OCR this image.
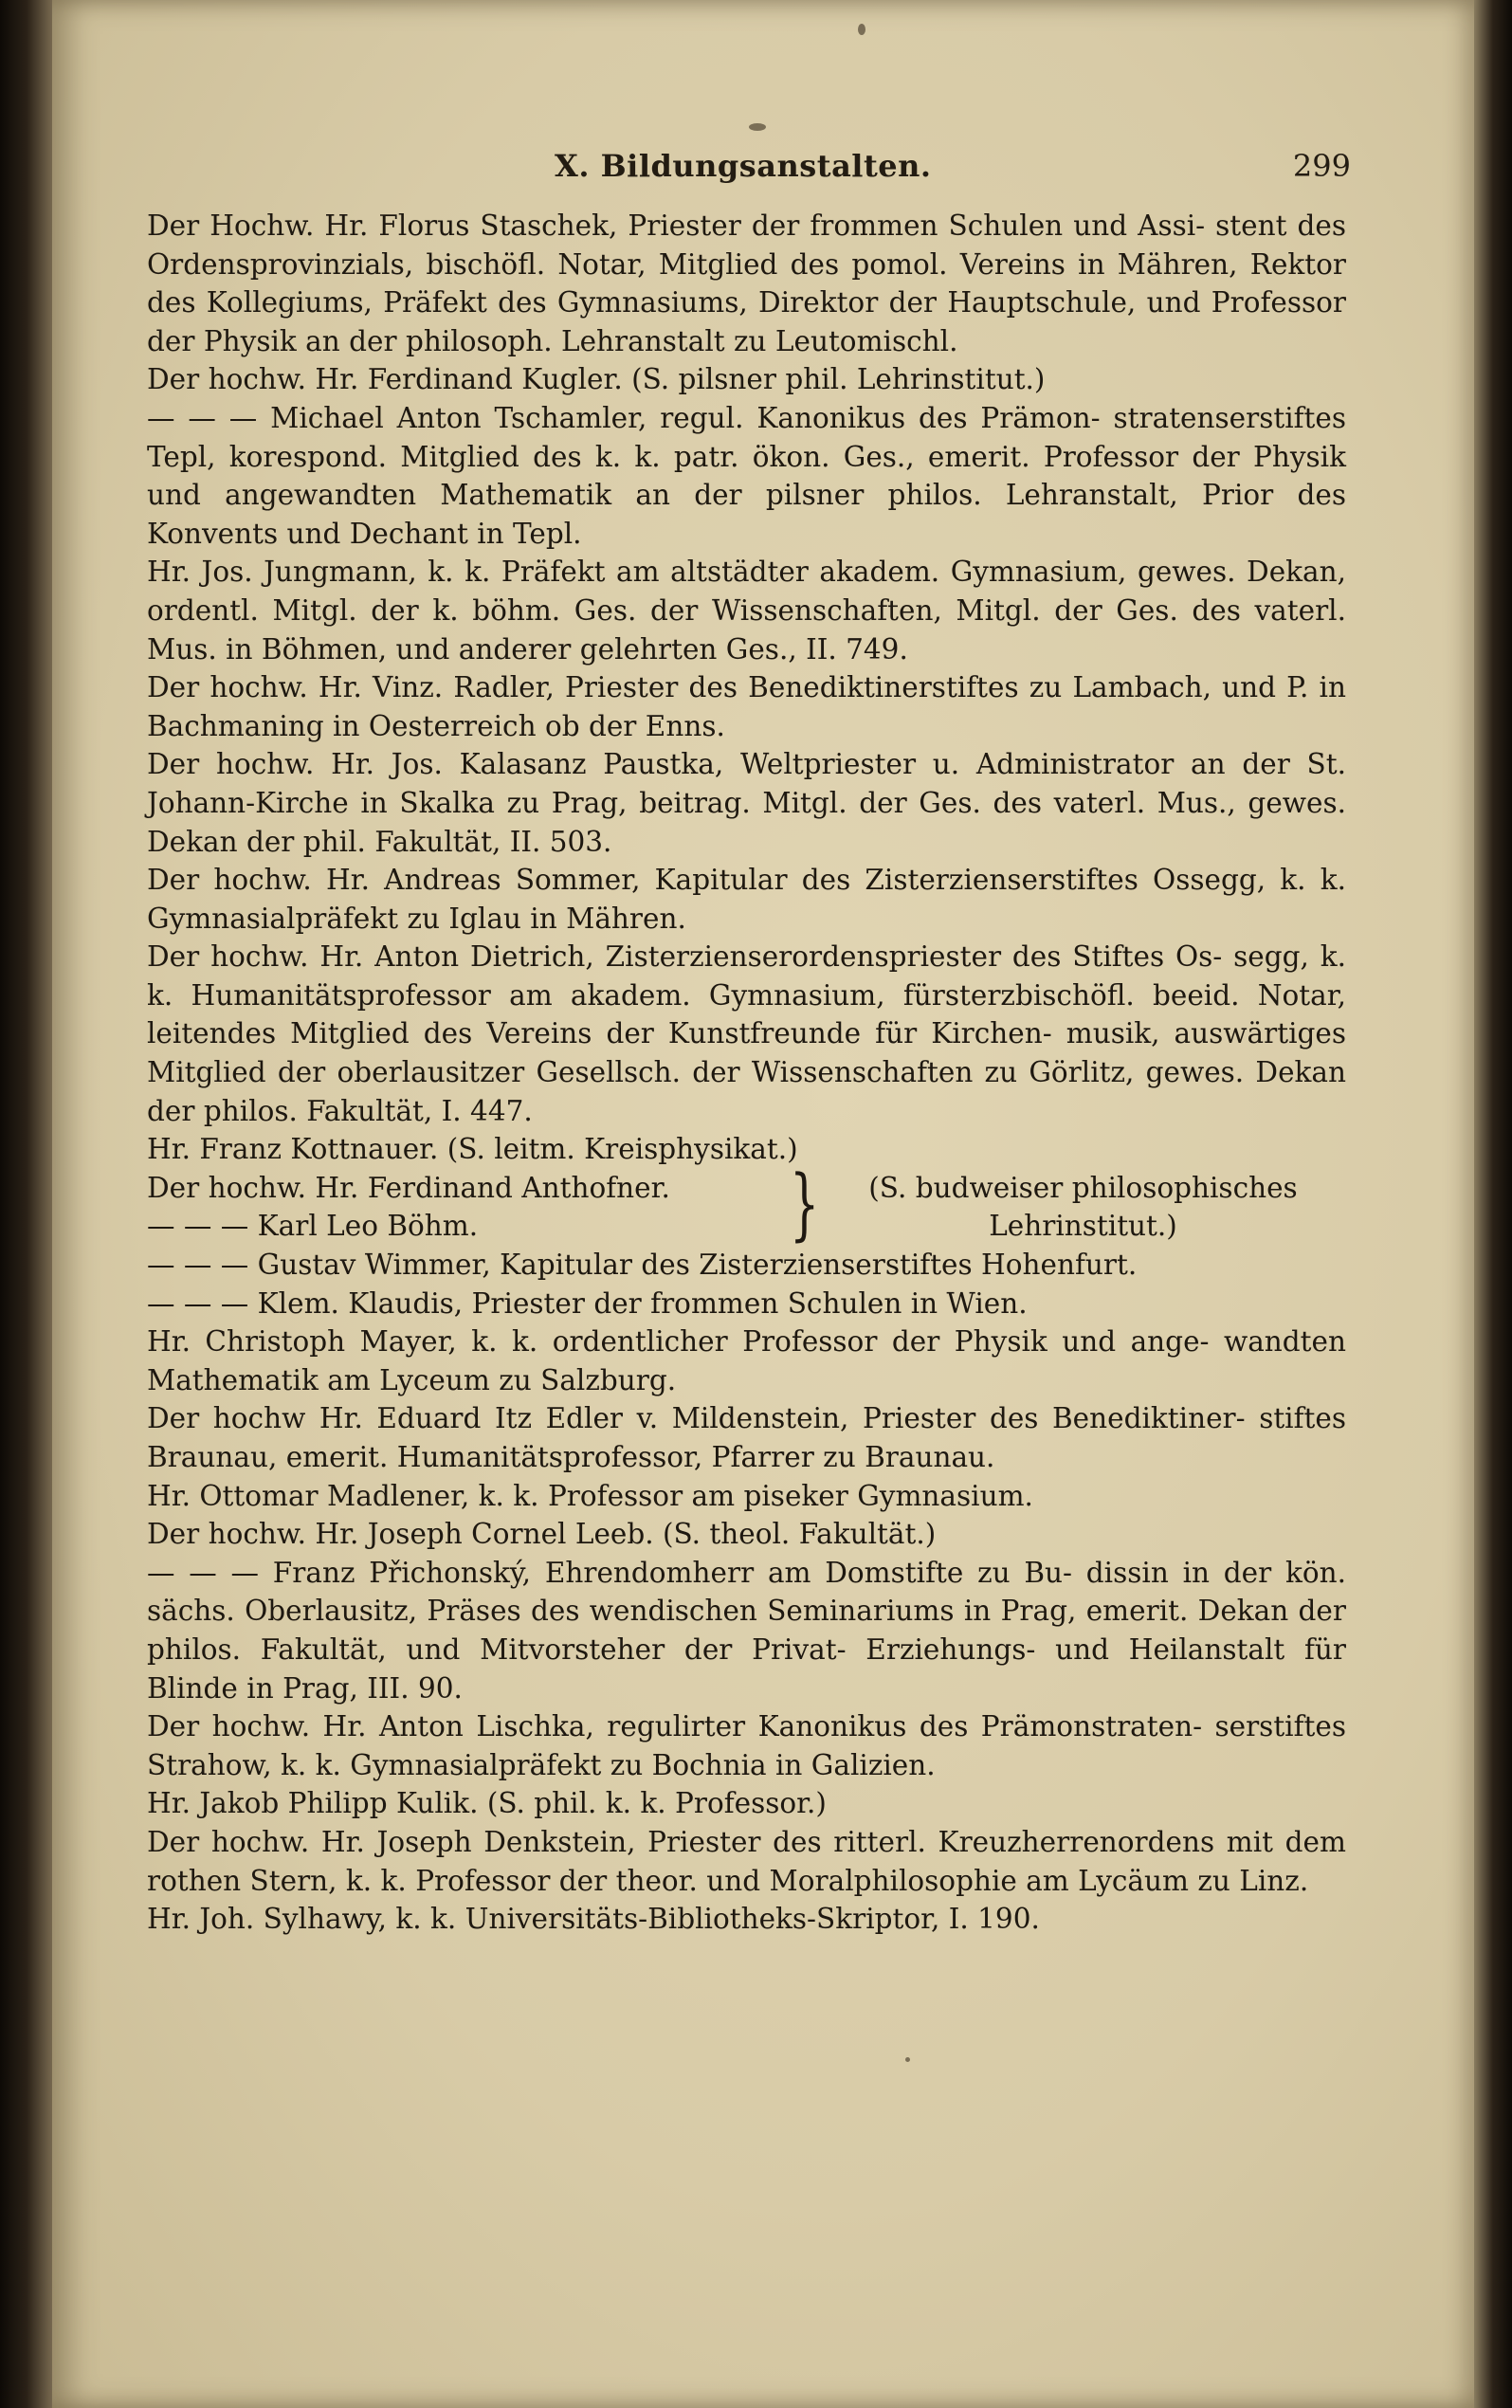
X. Bildungsanstalten.	299

Der Hochw. Hr. Florus Staschek, Priester der frommen Schulen und Assi- stent des Ordensprovinzials, bischöfl. Notar, Mitglied des pomol. Vereins in Mähren, Rektor des Kollegiums, Präfekt des Gymnasiums, Direktor der Hauptschule, und Professor der Physik an der philosoph. Lehranstalt zu Leutomischl.

Der hochw. Hr. Ferdinand Kugler. (S. pilsner phil. Lehrinstitut.)

— — — Michael Anton Tschamler, regul. Kanonikus des Prämon- stratenserstiftes Tepl, korespond. Mitglied des k. k. patr. ökon. Ges., emerit. Professor der Physik und angewandten Mathematik an der pilsner philos. Lehranstalt, Prior des Konvents und Dechant in Tepl.

Hr. Jos. Jungmann, k. k. Präfekt am altstädter akadem. Gymnasium, gewes. Dekan, ordentl. Mitgl. der k. böhm. Ges. der Wissenschaften, Mitgl. der Ges. des vaterl. Mus. in Böhmen, und anderer gelehrten Ges., II. 749.

Der hochw. Hr. Vinz. Radler, Priester des Benediktinerstiftes zu Lambach, und P. in Bachmaning in Oesterreich ob der Enns.

Der hochw. Hr. Jos. Kalasanz Paustka, Weltpriester u. Administrator an der St. Johann-Kirche in Skalka zu Prag, beitrag. Mitgl. der Ges. des vaterl. Mus., gewes. Dekan der phil. Fakultät, II. 503.

Der hochw. Hr. Andreas Sommer, Kapitular des Zisterzienserstiftes Ossegg, k. k. Gymnasialpräfekt zu Iglau in Mähren.

Der hochw. Hr. Anton Dietrich, Zisterzienserordenspriester des Stiftes Os- segg, k. k. Humanitätsprofessor am akadem. Gymnasium, fürsterzbischöfl. beeid. Notar, leitendes Mitglied des Vereins der Kunstfreunde für Kirchen- musik, auswärtiges Mitglied der oberlausitzer Gesellsch. der Wissenschaften zu Görlitz, gewes. Dekan der philos. Fakultät, I. 447.

Hr. Franz Kottnauer. (S. leitm. Kreisphysikat.)

Der hochw. Hr. Ferdinand Anthofner.

— — — Karl Leo Böhm.	}	(S. budweiser philosophisches
Lehrinstitut.)

— — — Gustav Wimmer, Kapitular des Zisterzienserstiftes Hohenfurt.

— — — Klem. Klaudis, Priester der frommen Schulen in Wien.

Hr. Christoph Mayer, k. k. ordentlicher Professor der Physik und ange- wandten Mathematik am Lyceum zu Salzburg.

Der hochw Hr. Eduard Itz Edler v. Mildenstein, Priester des Benediktiner- stiftes Braunau, emerit. Humanitätsprofessor, Pfarrer zu Braunau.

Hr. Ottomar Madlener, k. k. Professor am piseker Gymnasium.

Der hochw. Hr. Joseph Cornel Leeb. (S. theol. Fakultät.)

— — — Franz Přichonský, Ehrendomherr am Domstifte zu Bu- dissin in der kön. sächs. Oberlausitz, Präses des wendischen Seminariums in Prag, emerit. Dekan der philos. Fakultät, und Mitvorsteher der Privat- Erziehungs- und Heilanstalt für Blinde in Prag, III. 90.

Der hochw. Hr. Anton Lischka, regulirter Kanonikus des Prämonstraten- serstiftes Strahow, k. k. Gymnasialpräfekt zu Bochnia in Galizien.

Hr. Jakob Philipp Kulik. (S. phil. k. k. Professor.)

Der hochw. Hr. Joseph Denkstein, Priester des ritterl. Kreuzherrenordens mit dem rothen Stern, k. k. Professor der theor. und Moralphilosophie am Lycäum zu Linz.

Hr. Joh. Sylhawy, k. k. Universitäts-Bibliotheks-Skriptor, I. 190.
